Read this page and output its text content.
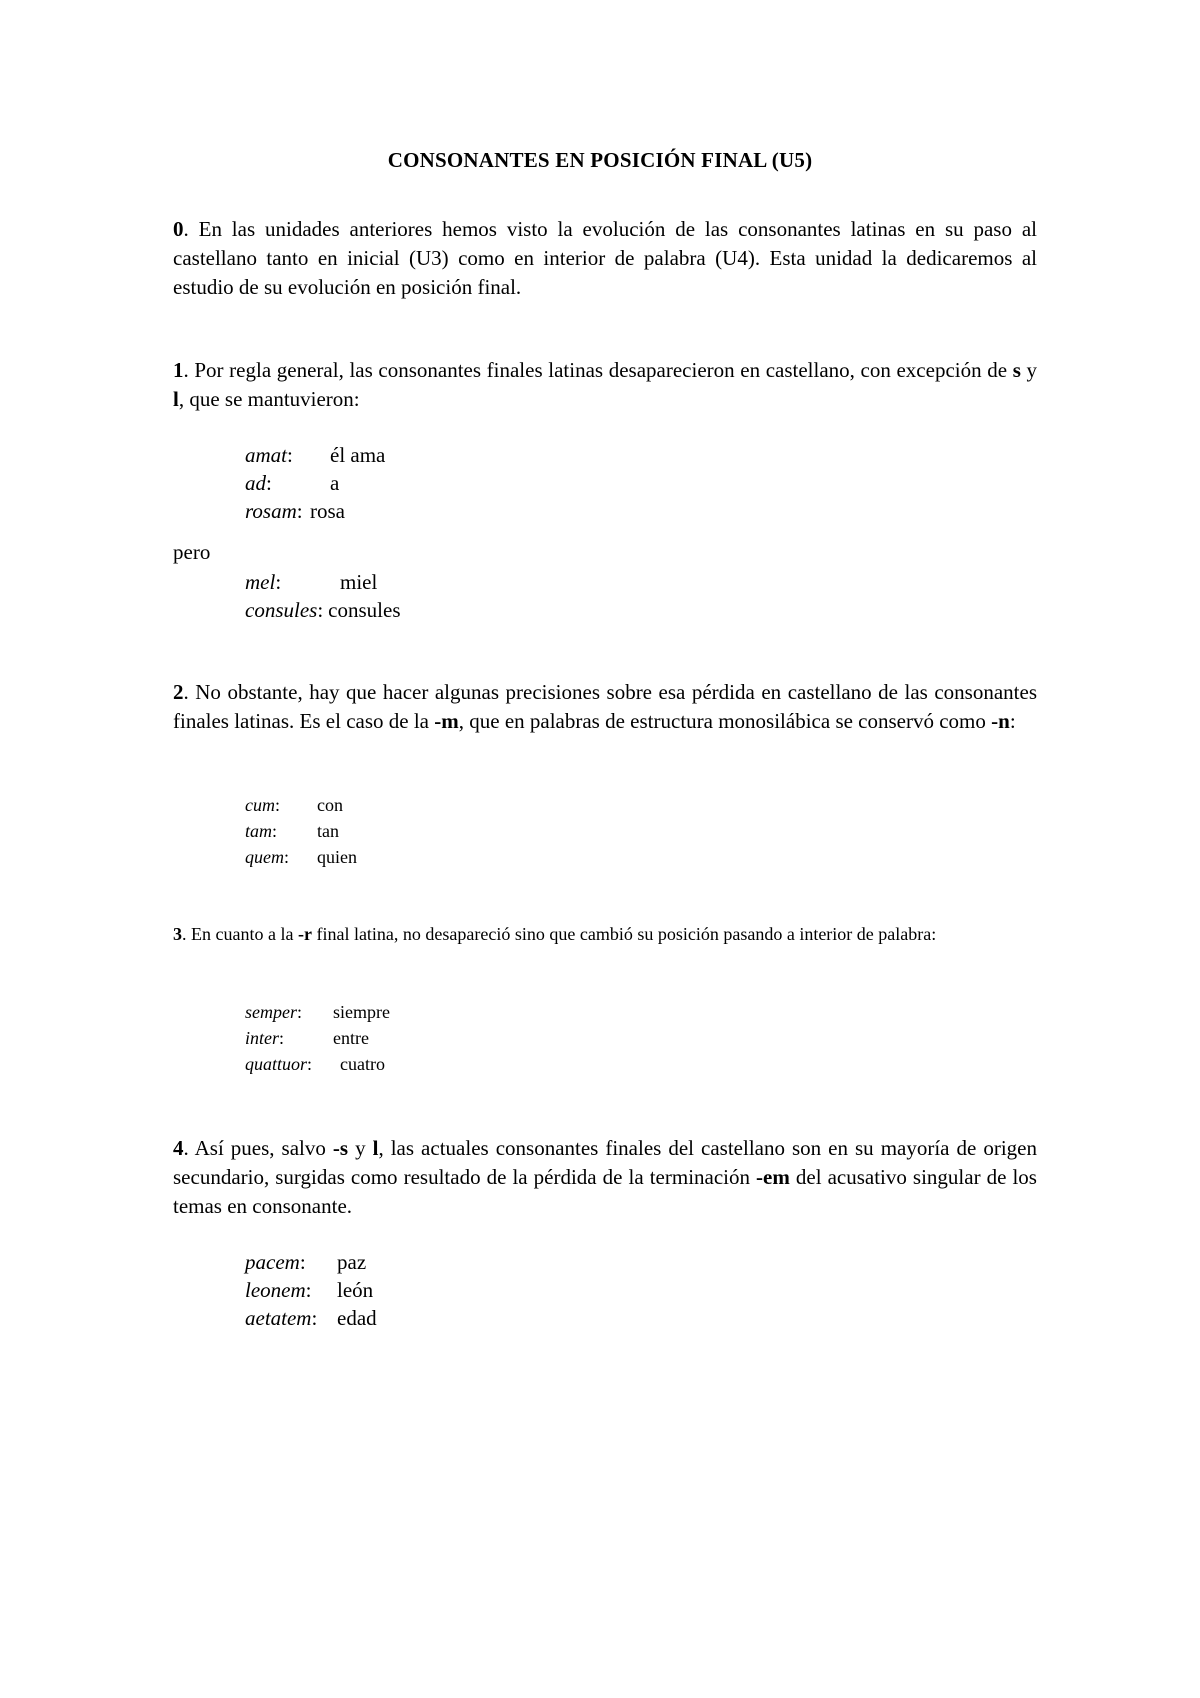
CONSONANTES EN POSICIÓN FINAL (U5)
0. En las unidades anteriores hemos visto la evolución de las consonantes latinas en su paso al castellano tanto en inicial (U3) como en interior de palabra (U4). Esta unidad la dedicaremos al estudio de su evolución en posición final.
1. Por regla general, las consonantes finales latinas desaparecieron en castellano, con excepción de s y l, que se mantuvieron:
amat:	él ama
ad:	a
rosam: rosa
pero
mel:	miel
consules: consules
2. No obstante, hay que hacer algunas precisiones sobre esa pérdida en castellano de las consonantes finales latinas. Es el caso de la -m, que en palabras de estructura monosilábica se conservó como -n:
cum:	con
tam:	tan
quem:	quien
3. En cuanto a la -r final latina, no desapareció sino que cambió su posición pasando a interior de palabra:
semper:	siempre
inter:	entre
quattuor:	cuatro
4. Así pues, salvo -s y l, las actuales consonantes finales del castellano son en su mayoría de origen secundario, surgidas como resultado de la pérdida de la terminación -em del acusativo singular de los temas en consonante.
pacem:	paz
leonem:	león
aetatem: edad
